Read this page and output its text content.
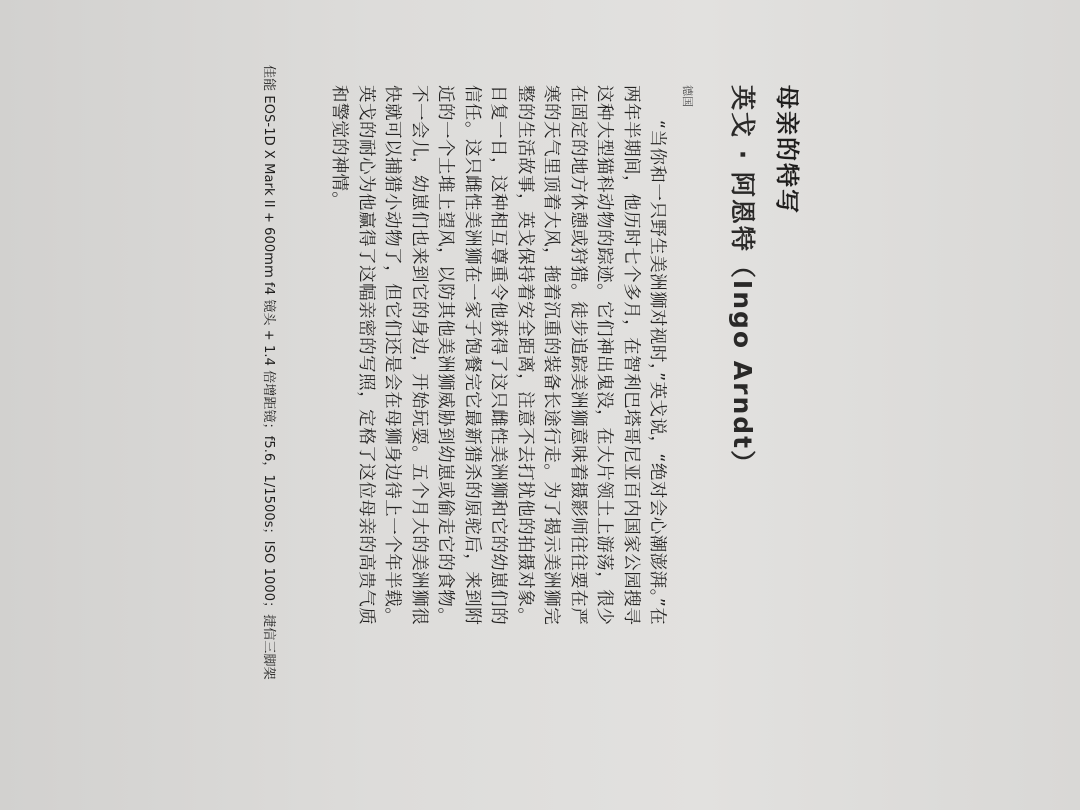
母亲的特写
英戈 · 阿恩特（Ingo Arndt）
德国

“当你和一只野生美洲狮对视时，”英戈说，“绝对会心潮澎湃。”在两年半期间，他历时七个多月，在智利巴塔哥尼亚百内国家公园搜寻这种大型猫科动物的踪迹。它们神出鬼没，在大片领土上游荡，很少在固定的地方休憩或狩猎。徒步追踪美洲狮意味着摄影师往往要在严寒的天气里顶着大风，拖着沉重的装备长途行走。为了揭示美洲狮完整的生活故事，英戈保持着安全距离，注意不去打扰他的拍摄对象。日复一日，这种相互尊重令他获得了这只雌性美洲狮和它的幼崽们的信任。这只雌性美洲狮在一家子饱餐完它最新猎杀的原驼后，来到附近的一个土堆上望风，以防其他美洲狮威胁到幼崽或偷走它的食物。不一会儿，幼崽们也来到它的身边，开始玩耍。五个月大的美洲狮很快就可以捕猎小动物了，但它们还是会在母狮身边待上一个年半载。英戈的耐心为他赢得了这幅亲密的写照，定格了这位母亲的高贵气质和警觉的神情。

佳能 EOS-1D X Mark II + 600mm f4 镜头 + 1.4 倍增距镜；f5.6，1/1500s；ISO 1000；捷信三脚架
